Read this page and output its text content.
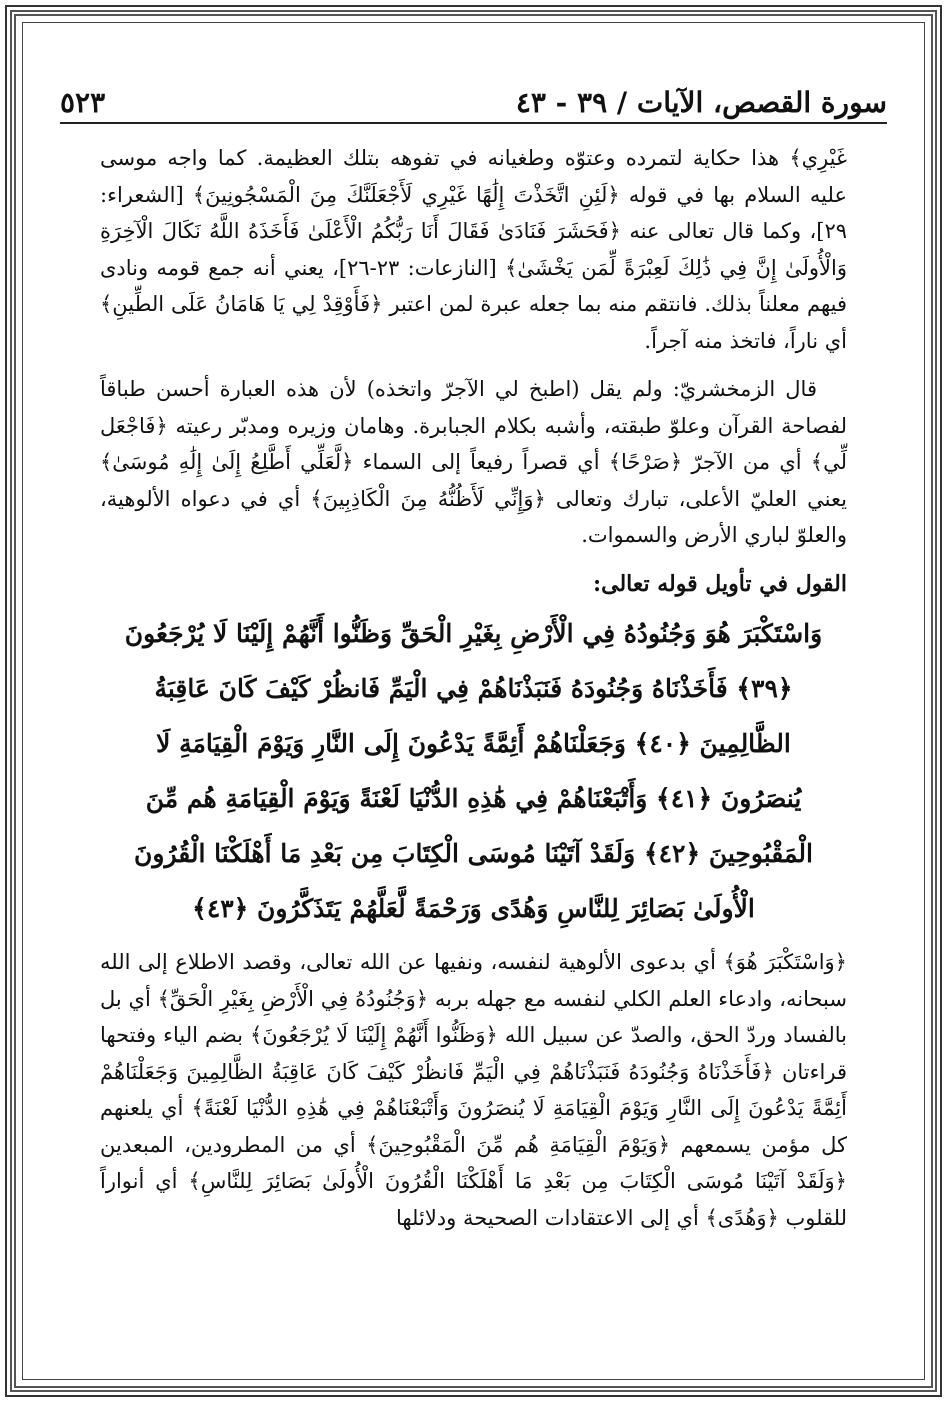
سورة القصص، الآيات / ٣٩ - ٤٣
٥٢٣

غَيْرِي﴾ هذا حكاية لتمرده وعتوّه وطغيانه في تفوهه بتلك العظيمة. كما واجه موسى عليه السلام بها في قوله ﴿لَئِنِ اتَّخَذْتَ إِلَٰهًا غَيْرِي لَأَجْعَلَنَّكَ مِنَ الْمَسْجُونِينَ﴾ [الشعراء: ٢٩]، وكما قال تعالى عنه ﴿فَحَشَرَ فَنَادَىٰ فَقَالَ أَنَا رَبُّكُمُ الْأَعْلَىٰ فَأَخَذَهُ اللَّهُ نَكَالَ الْآخِرَةِ وَالْأُولَىٰ إِنَّ فِي ذَٰلِكَ لَعِبْرَةً لِّمَن يَخْشَىٰ﴾ [النازعات: ٢٣-٢٦]، يعني أنه جمع قومه ونادى فيهم معلناً بذلك. فانتقم منه بما جعله عبرة لمن اعتبر ﴿فَأَوْقِدْ لِي يَا هَامَانُ عَلَى الطِّينِ﴾ أي ناراً، فاتخذ منه آجراً.

قال الزمخشريّ: ولم يقل (اطبخ لي الآجرّ واتخذه) لأن هذه العبارة أحسن طباقاً لفصاحة القرآن وعلوّ طبقته، وأشبه بكلام الجبابرة. وهامان وزيره ومدبّر رعيته ﴿فَاجْعَل لِّي﴾ أي من الآجرّ ﴿صَرْحًا﴾ أي قصراً رفيعاً إلى السماء ﴿لَّعَلِّي أَطَّلِعُ إِلَىٰ إِلَٰهِ مُوسَىٰ﴾ يعني العليّ الأعلى، تبارك وتعالى ﴿وَإِنِّي لَأَظُنُّهُ مِنَ الْكَاذِبِينَ﴾ أي في دعواه الألوهية، والعلوّ لباري الأرض والسموات.

القول في تأويل قوله تعالى:
وَاسْتَكْبَرَ هُوَ وَجُنُودُهُ فِي الْأَرْضِ بِغَيْرِ الْحَقِّ وَظَنُّوا أَنَّهُمْ إِلَيْنَا لَا يُرْجَعُونَ
﴿٣٩﴾ فَأَخَذْنَاهُ وَجُنُودَهُ فَنَبَذْنَاهُمْ فِي الْيَمِّ فَانظُرْ كَيْفَ كَانَ عَاقِبَةُ
الظَّالِمِينَ ﴿٤٠﴾ وَجَعَلْنَاهُمْ أَئِمَّةً يَدْعُونَ إِلَى النَّارِ وَيَوْمَ الْقِيَامَةِ لَا
يُنصَرُونَ ﴿٤١﴾ وَأَتْبَعْنَاهُمْ فِي هَٰذِهِ الدُّنْيَا لَعْنَةً وَيَوْمَ الْقِيَامَةِ هُم مِّنَ
الْمَقْبُوحِينَ ﴿٤٢﴾ وَلَقَدْ آتَيْنَا مُوسَى الْكِتَابَ مِن بَعْدِ مَا أَهْلَكْنَا الْقُرُونَ
الْأُولَىٰ بَصَائِرَ لِلنَّاسِ وَهُدًى وَرَحْمَةً لَّعَلَّهُمْ يَتَذَكَّرُونَ ﴿٤٣﴾

﴿وَاسْتَكْبَرَ هُوَ﴾ أي بدعوى الألوهية لنفسه، ونفيها عن الله تعالى، وقصد الاطلاع إلى الله سبحانه، وادعاء العلم الكلي لنفسه مع جهله بربه ﴿وَجُنُودُهُ فِي الْأَرْضِ بِغَيْرِ الْحَقِّ﴾ أي بل بالفساد وردّ الحق، والصدّ عن سبيل الله ﴿وَظَنُّوا أَنَّهُمْ إِلَيْنَا لَا يُرْجَعُونَ﴾ بضم الياء وفتحها قراءتان ﴿فَأَخَذْنَاهُ وَجُنُودَهُ فَنَبَذْنَاهُمْ فِي الْيَمِّ فَانظُرْ كَيْفَ كَانَ عَاقِبَةُ الظَّالِمِينَ وَجَعَلْنَاهُمْ أَئِمَّةً يَدْعُونَ إِلَى النَّارِ وَيَوْمَ الْقِيَامَةِ لَا يُنصَرُونَ وَأَتْبَعْنَاهُمْ فِي هَٰذِهِ الدُّنْيَا لَعْنَةً﴾ أي يلعنهم كل مؤمن يسمعهم ﴿وَيَوْمَ الْقِيَامَةِ هُم مِّنَ الْمَقْبُوحِينَ﴾ أي من المطرودين، المبعدين ﴿وَلَقَدْ آتَيْنَا مُوسَى الْكِتَابَ مِن بَعْدِ مَا أَهْلَكْنَا الْقُرُونَ الْأُولَىٰ بَصَائِرَ لِلنَّاسِ﴾ أي أنواراً للقلوب ﴿وَهُدًى﴾ أي إلى الاعتقادات الصحيحة ودلائلها
